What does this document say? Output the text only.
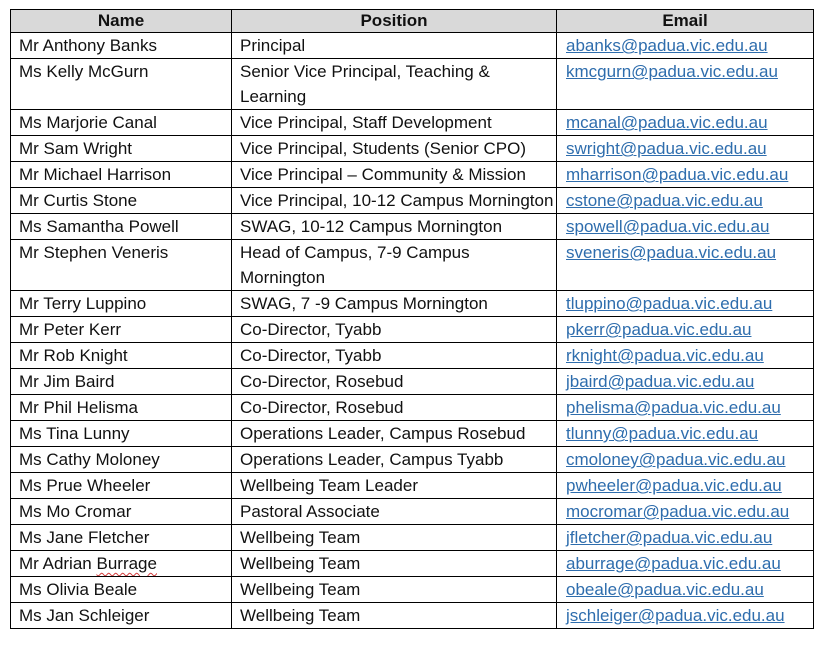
Name	Position	Email
Mr Anthony Banks	Principal	abanks@padua.vic.edu.au
Ms Kelly McGurn	Senior Vice Principal, Teaching & Learning	kmcgurn@padua.vic.edu.au
Ms Marjorie Canal	Vice Principal, Staff Development	mcanal@padua.vic.edu.au
Mr Sam Wright	Vice Principal, Students (Senior CPO)	swright@padua.vic.edu.au
Mr Michael Harrison	Vice Principal – Community & Mission	mharrison@padua.vic.edu.au
Mr Curtis Stone	Vice Principal, 10-12 Campus Mornington	cstone@padua.vic.edu.au
Ms Samantha Powell	SWAG, 10-12 Campus Mornington	spowell@padua.vic.edu.au
Mr Stephen Veneris	Head of Campus, 7-9 Campus Mornington	sveneris@padua.vic.edu.au
Mr Terry Luppino	SWAG, 7 -9 Campus Mornington	tluppino@padua.vic.edu.au
Mr Peter Kerr	Co-Director, Tyabb	pkerr@padua.vic.edu.au
Mr Rob Knight	Co-Director, Tyabb	rknight@padua.vic.edu.au
Mr Jim Baird	Co-Director, Rosebud	jbaird@padua.vic.edu.au
Mr Phil Helisma	Co-Director, Rosebud	phelisma@padua.vic.edu.au
Ms Tina Lunny	Operations Leader, Campus Rosebud	tlunny@padua.vic.edu.au
Ms Cathy Moloney	Operations Leader, Campus Tyabb	cmoloney@padua.vic.edu.au
Ms Prue Wheeler	Wellbeing Team Leader	pwheeler@padua.vic.edu.au
Ms Mo Cromar	Pastoral Associate	mocromar@padua.vic.edu.au
Ms Jane Fletcher	Wellbeing Team	jfletcher@padua.vic.edu.au
Mr Adrian Burrage	Wellbeing Team	aburrage@padua.vic.edu.au
Ms Olivia Beale	Wellbeing Team	obeale@padua.vic.edu.au
Ms Jan Schleiger	Wellbeing Team	jschleiger@padua.vic.edu.au
